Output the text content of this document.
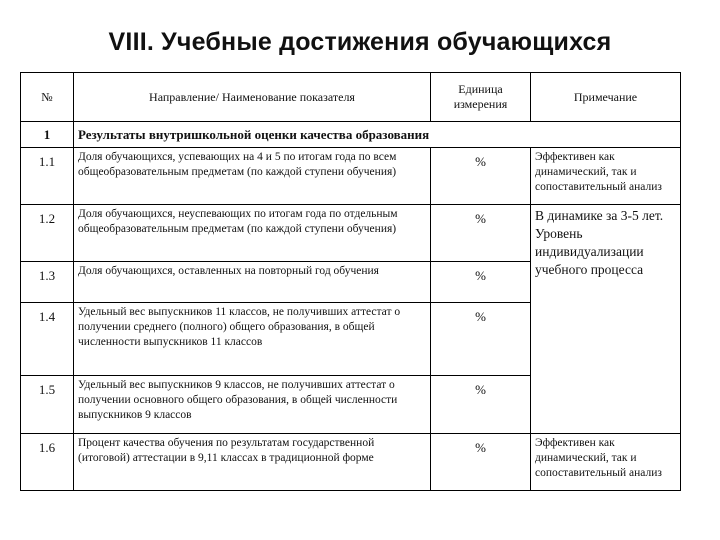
VIII. Учебные достижения обучающихся
№	Направление/ Наименование показателя	Единица измерения	Примечание
1	Результаты внутришкольной оценки качества образования		
1.1	Доля обучающихся, успевающих на 4 и 5 по итогам года по всем общеобразовательным предметам (по каждой ступени обучения)	%	Эффективен как динамический, так и сопоставительный анализ
1.2	Доля обучающихся, неуспевающих по итогам года по отдельным общеобразовательным предметам (по каждой ступени обучения)	%	В динамике за 3-5 лет. Уровень индивидуализации учебного процесса
1.3	Доля обучающихся, оставленных на повторный год обучения	%	
1.4	Удельный вес выпускников 11 классов, не получивших аттестат о получении среднего (полного) общего образования, в общей численности выпускников 11 классов	%	
1.5	Удельный вес выпускников 9 классов, не получивших аттестат о получении основного общего образования, в общей численности выпускников 9 классов	%	
1.6	Процент качества обучения по результатам государственной (итоговой) аттестации в 9,11 классах в традиционной форме	%	Эффективен как динамический, так и сопоставительный анализ
